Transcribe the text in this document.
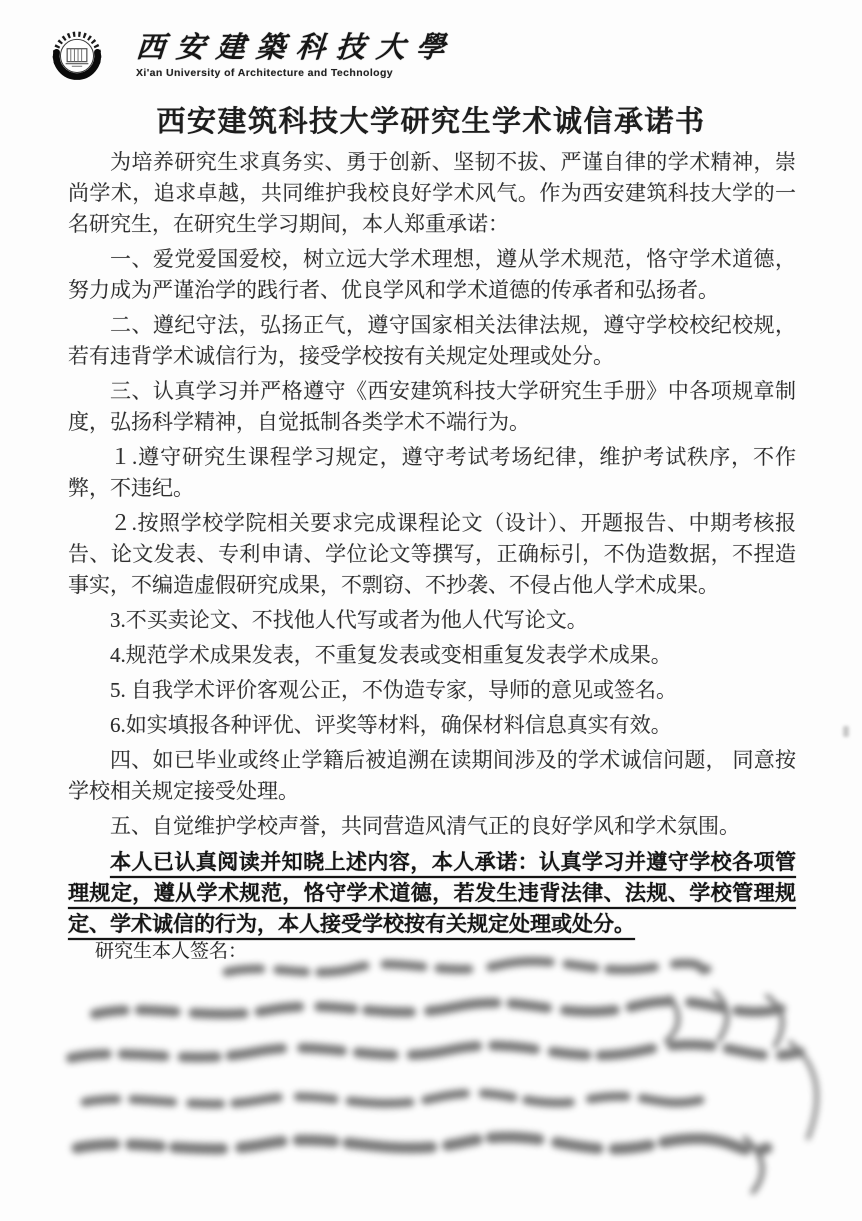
西安建築科技大學
Xi'an University of Architecture and Technology
西安建筑科技大学研究生学术诚信承诺书

为培养研究生求真务实、勇于创新、坚韧不拔、严谨自律的学术精神，崇尚学术，追求卓越，共同维护我校良好学术风气。作为西安建筑科技大学的一名研究生，在研究生学习期间，本人郑重承诺：

一、爱党爱国爱校，树立远大学术理想，遵从学术规范，恪守学术道德，努力成为严谨治学的践行者、优良学风和学术道德的传承者和弘扬者。

二、遵纪守法，弘扬正气，遵守国家相关法律法规，遵守学校校纪校规，若有违背学术诚信行为，接受学校按有关规定处理或处分。

三、认真学习并严格遵守《西安建筑科技大学研究生手册》中各项规章制度，弘扬科学精神，自觉抵制各类学术不端行为。

１.遵守研究生课程学习规定，遵守考试考场纪律，维护考试秩序，不作弊，不违纪。

２.按照学校学院相关要求完成课程论文（设计）、开题报告、中期考核报告、论文发表、专利申请、学位论文等撰写，正确标引，不伪造数据，不捏造事实，不编造虚假研究成果，不剽窃、不抄袭、不侵占他人学术成果。

3.不买卖论文、不找他人代写或者为他人代写论文。

4.规范学术成果发表，不重复发表或变相重复发表学术成果。

5. 自我学术评价客观公正，不伪造专家，导师的意见或签名。

6.如实填报各种评优、评奖等材料，确保材料信息真实有效。

四、如已毕业或终止学籍后被追溯在读期间涉及的学术诚信问题， 同意按学校相关规定接受处理。

五、自觉维护学校声誉，共同营造风清气正的良好学风和学术氛围。

本人已认真阅读并知晓上述内容，本人承诺：认真学习并遵守学校各项管理规定，遵从学术规范，恪守学术道德，若发生违背法律、法规、学校管理规定、学术诚信的行为，本人接受学校按有关规定处理或处分。

研究生本人签名：
